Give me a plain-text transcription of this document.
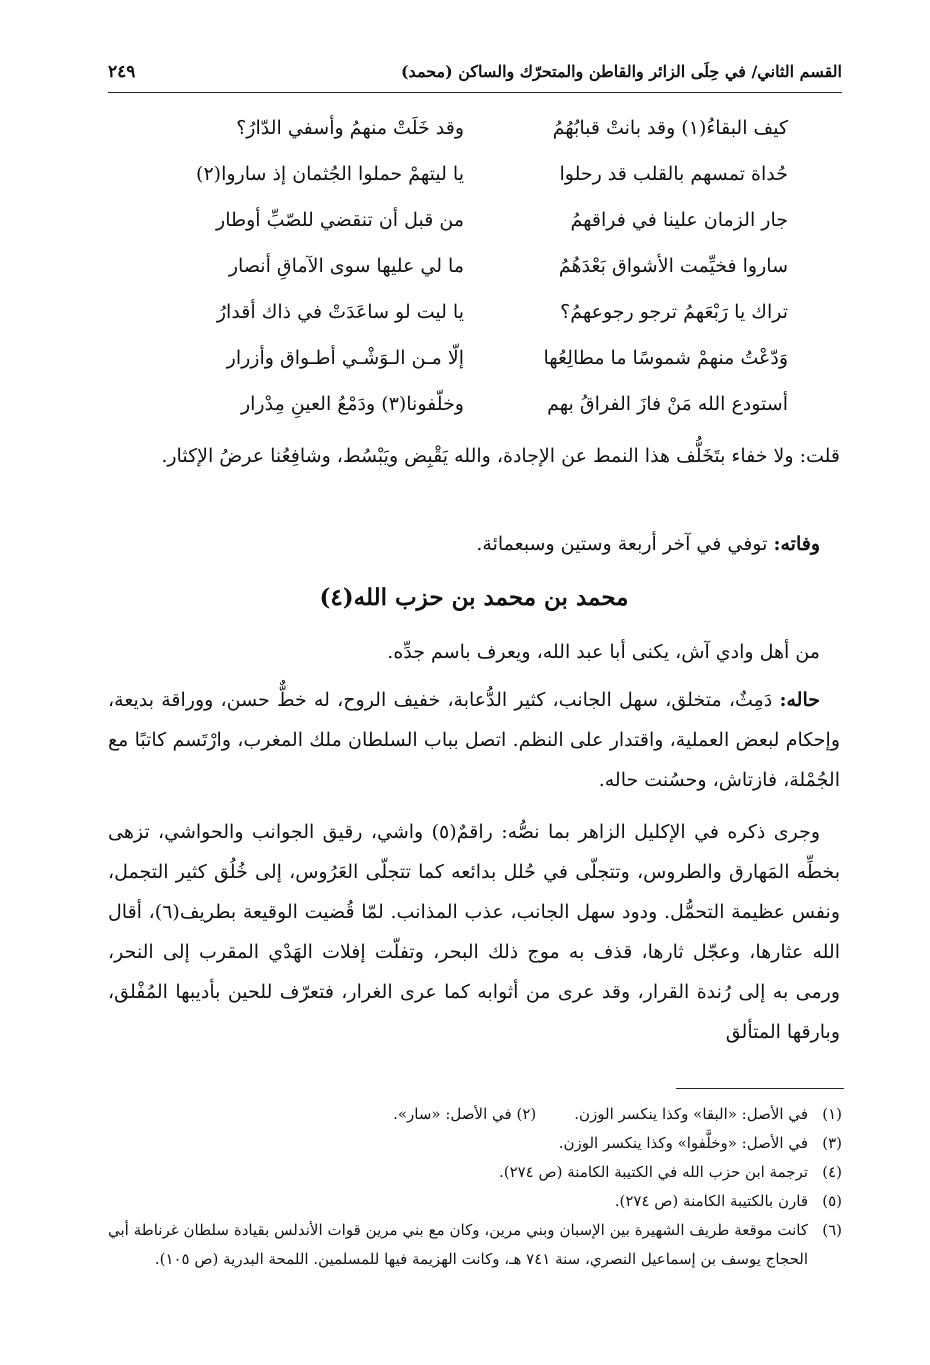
القسم الثاني/ في حِلَى الزائر والقاطن والمتحرّك والساكن (محمد)
٢٤٩
كيف البقاءُ(١) وقد بانتْ قبابُهُمُ
وقد خَلَتْ منهمُ وأسفي الدّارُ؟
حُداة تمسهم بالقلب قد رحلوا
يا ليتهمْ حملوا الجُثمان إذ ساروا(٢)
جار الزمان علينا في فراقهمُ
من قبل أن تنقضي للصّبِّ أوطار
ساروا فخيِّمت الأشواق بَعْدَهُمُ
ما لي عليها سوى الآماقِ أنصار
تراك يا رَبْعَهمُ ترجو رجوعهمُ؟
يا ليت لو ساعَدَتْ في ذاك أقدارُ
وَدّعْتُ منهمْ شموسًا ما مطالِعُها
إلّا مـن الـوَشْـي أطـواق وأزرار
أستودع الله مَنْ فازَ الفراقُ بهم
وخلّفونا(٣) ودَمْعُ العينِ مِدْرار
قلت: ولا خفاء بتَخَلُّف هذا النمط عن الإجادة، والله يَقْبِض ويَبْسُط، وشافِعُنا عرضُ الإكثار.
وفاته: توفي في آخر أربعة وستين وسبعمائة.
محمد بن محمد بن حزب الله(٤)
من أهل وادي آش، يكنى أبا عبد الله، ويعرف باسم جدِّه.
حاله: دَمِثٌ، متخلق، سهل الجانب، كثير الدُّعابة، خفيف الروح، له خطٌّ حسن، ووراقة بديعة، وإحكام لبعض العملية، واقتدار على النظم. اتصل بباب السلطان ملك المغرب، وارْتَسم كاتبًا مع الجُمْلة، فازتاش، وحسُنت حاله.
وجرى ذكره في الإكليل الزاهر بما نصُّه: راقمٌ(٥) واشي، رقيق الجوانب والحواشي، تزهى بخطِّه المَهارق والطروس، وتتجلّى في حُلل بدائعه كما تتجلّى العَرُوس، إلى خُلُق كثير التجمل، ونفس عظيمة التحمُّل. ودود سهل الجانب، عذب المذانب. لمّا قُضيت الوقيعة بطريف(٦)، أقال الله عثارها، وعجّل ثارها، قذف به موج ذلك البحر، وتفلّت إفلات الهَدْي المقرب إلى النحر، ورمى به إلى رُندة القرار، وقد عرى من أثوابه كما عرى الغرار، فتعرّف للحين بأديبها المُفْلق، وبارقها المتألق
(١)
في الأصل: «البقا» وكذا ينكسر الوزن.(٢) في الأصل: «سار».
(٣)
في الأصل: «وخلَّفوا» وكذا ينكسر الوزن.
(٤)
ترجمة ابن حزب الله في الكتيبة الكامنة (ص ٢٧٤).
(٥)
قارن بالكتيبة الكامنة (ص ٢٧٤).
(٦)
كانت موقعة طريف الشهيرة بين الإسبان وبني مرين، وكان مع بني مرين قوات الأندلس بقيادة سلطان غرناطة أبي الحجاج يوسف بن إسماعيل النصري، سنة ٧٤١ هـ، وكانت الهزيمة فيها للمسلمين. اللمحة البدرية (ص ١٠٥).
